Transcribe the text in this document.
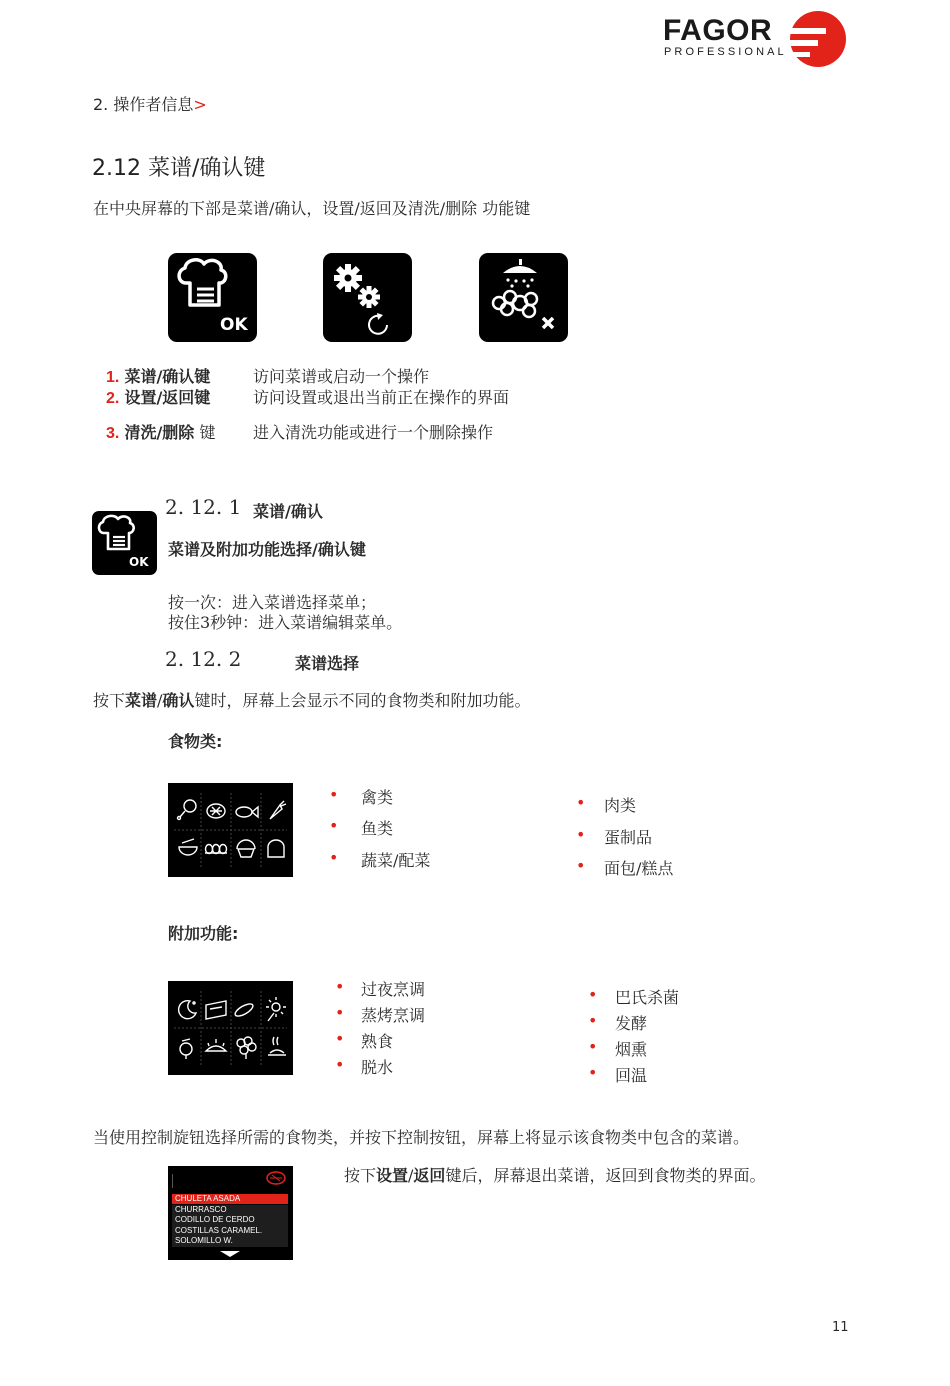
FAGOR
PROFESSIONAL
2. 操作者信息>
2.12 菜谱/确认键
在中央屏幕的下部是菜谱/确认，设置/返回及清洗/删除 功能键
OK
1. 菜谱/确认键	访问菜谱或启动一个操作
2. 设置/返回键	访问设置或退出当前正在操作的界面
3. 清洗/删除 键 进入清洗功能或进行一个删除操作
2. 12. 1 菜谱/确认
OK
菜谱及附加功能选择/确认键
按一次：进入菜谱选择菜单；
按住3秒钟：进入菜谱编辑菜单。
2. 12. 2	菜谱选择
按下菜谱/确认键时，屏幕上会显示不同的食物类和附加功能。
食物类:
• 禽类
• 鱼类
• 蔬菜/配菜
• 肉类
• 蛋制品
• 面包/糕点
附加功能:
• 过夜烹调
• 蒸烤烹调
• 熟食
• 脱水
• 巴氏杀菌
• 发酵
• 烟熏
• 回温
当使用控制旋钮选择所需的食物类，并按下控制按钮，屏幕上将显示该食物类中包含的菜谱。
CHULETA ASADA
CHURRASCO
CODILLO DE CERDO
COSTILLAS CARAMEL.
SOLOMILLO W.
按下设置/返回键后，屏幕退出菜谱，返回到食物类的界面。
11
